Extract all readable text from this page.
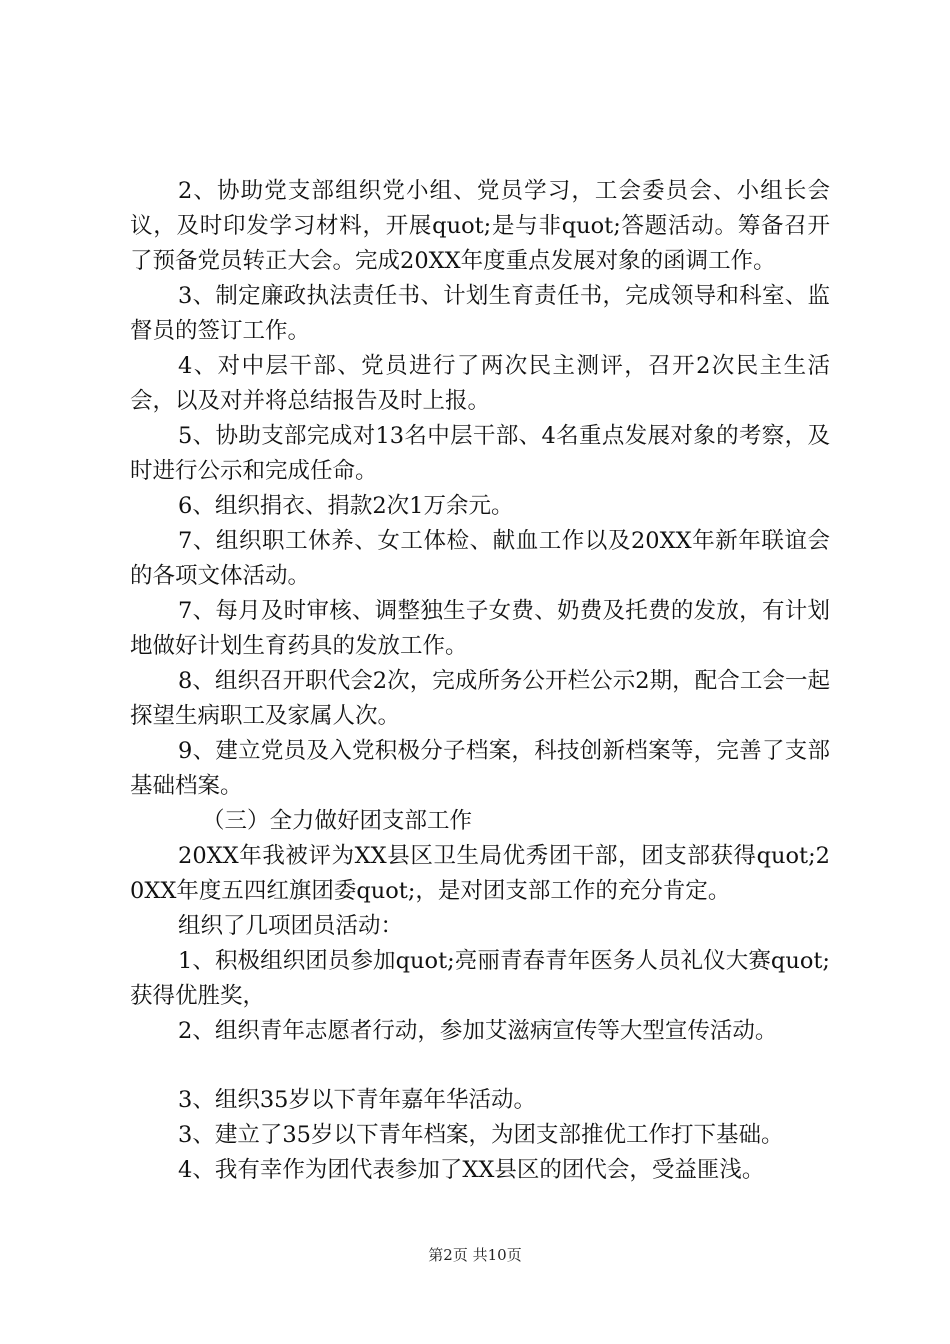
2、协助党支部组织党小组、党员学习，工会委员会、小组长会议，及时印发学习材料，开展quot;是与非quot;答题活动。筹备召开了预备党员转正大会。完成20XX年度重点发展对象的函调工作。

3、制定廉政执法责任书、计划生育责任书，完成领导和科室、监督员的签订工作。

4、对中层干部、党员进行了两次民主测评，召开2次民主生活会，以及对并将总结报告及时上报。

5、协助支部完成对13名中层干部、4名重点发展对象的考察，及时进行公示和完成任命。

6、组织捐衣、捐款2次1万余元。

7、组织职工休养、女工体检、献血工作以及20XX年新年联谊会的各项文体活动。

7、每月及时审核、调整独生子女费、奶费及托费的发放，有计划地做好计划生育药具的发放工作。

8、组织召开职代会2次，完成所务公开栏公示2期，配合工会一起探望生病职工及家属人次。

9、建立党员及入党积极分子档案，科技创新档案等，完善了支部基础档案。

（三）全力做好团支部工作

20XX年我被评为XX县区卫生局优秀团干部，团支部获得quot;20XX年度五四红旗团委quot;，是对团支部工作的充分肯定。

组织了几项团员活动：

1、积极组织团员参加quot;亮丽青春青年医务人员礼仪大赛quot;获得优胜奖，

2、组织青年志愿者行动，参加艾滋病宣传等大型宣传活动。

3、组织35岁以下青年嘉年华活动。

3、建立了35岁以下青年档案，为团支部推优工作打下基础。

4、我有幸作为团代表参加了XX县区的团代会，受益匪浅。

第2页 共10页
